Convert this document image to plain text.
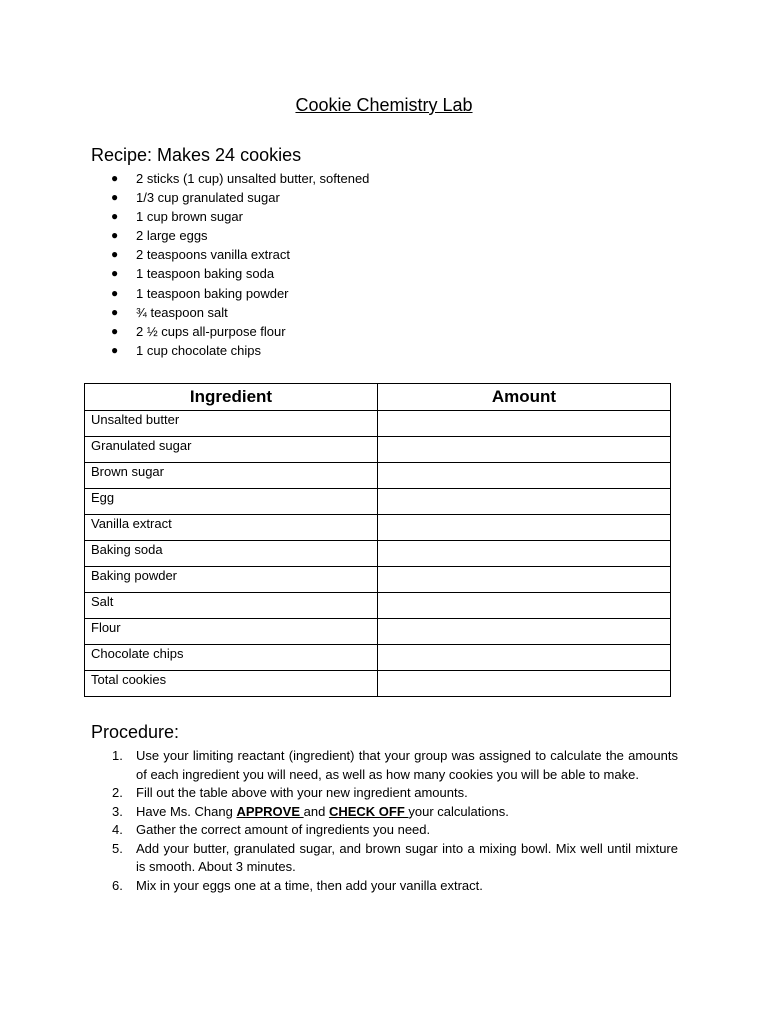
Cookie Chemistry Lab
Recipe: Makes 24 cookies
● 2 sticks (1 cup) unsalted butter, softened
● 1/3 cup granulated sugar
● 1 cup brown sugar
● 2 large eggs
● 2 teaspoons vanilla extract
● 1 teaspoon baking soda
● 1 teaspoon baking powder
● ¾ teaspoon salt
● 2 ½ cups all-purpose flour
● 1 cup chocolate chips
Ingredient	Amount
Unsalted butter	
Granulated sugar	
Brown sugar	
Egg	
Vanilla extract	
Baking soda	
Baking powder	
Salt	
Flour	
Chocolate chips	
Total cookies	
Procedure:
1. Use your limiting reactant (ingredient) that your group was assigned to calculate the amounts of each ingredient you will need, as well as how many cookies you will be able to make.
2. Fill out the table above with your new ingredient amounts.
3. Have Ms. Chang APPROVE and CHECK OFF your calculations.
4. Gather the correct amount of ingredients you need.
5. Add your butter, granulated sugar, and brown sugar into a mixing bowl. Mix well until mixture is smooth. About 3 minutes.
6. Mix in your eggs one at a time, then add your vanilla extract.
